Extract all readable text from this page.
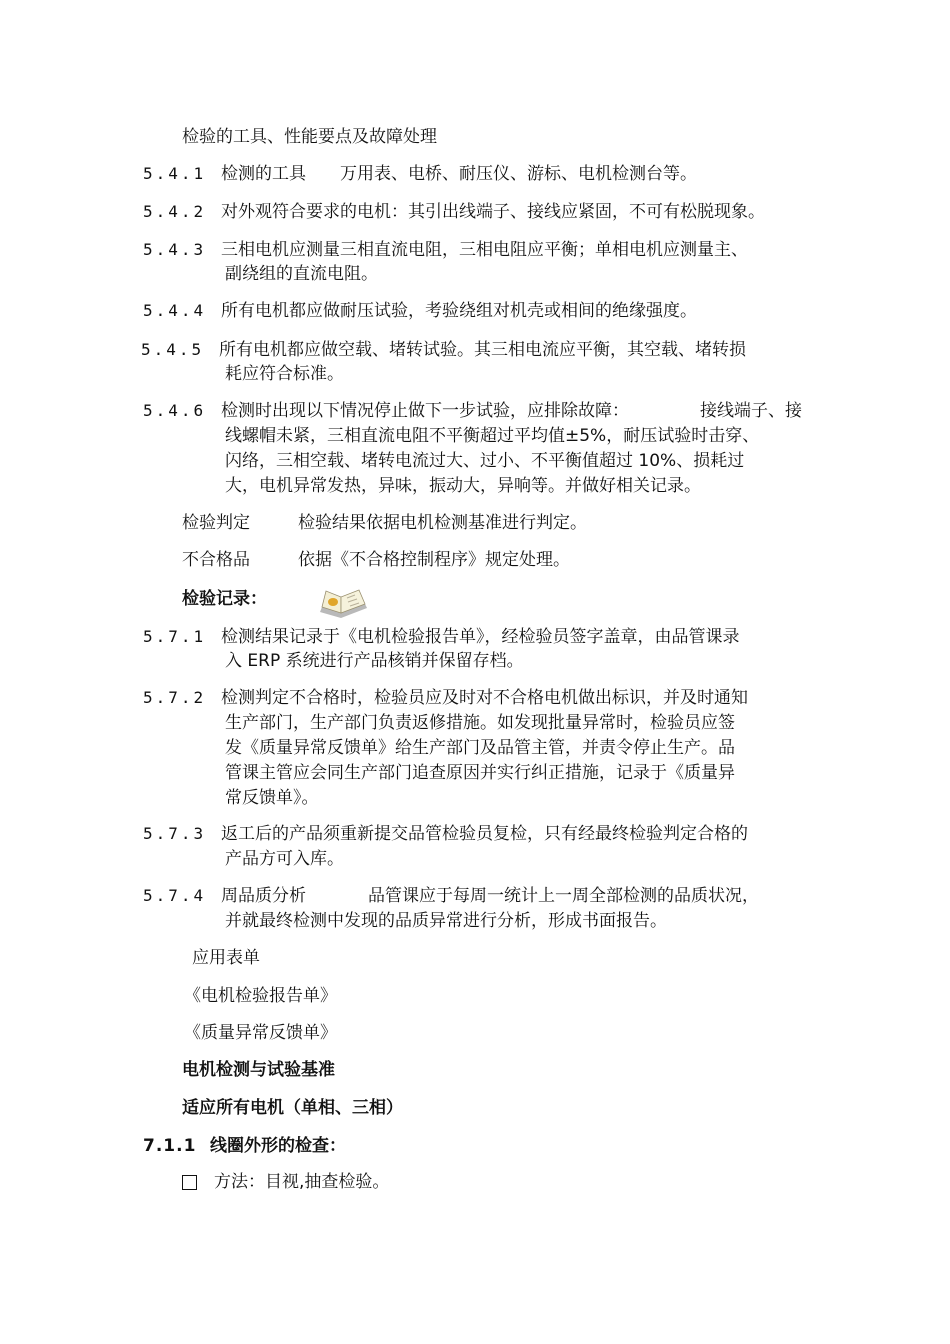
检验的工具、性能要点及故障处理
5.4.1 检测的工具 万用表、电桥、耐压仪、游标、电机检测台等。
5.4.2 对外观符合要求的电机：其引出线端子、接线应紧固，不可有松脱现象。
5.4.3 三相电机应测量三相直流电阻，三相电阻应平衡；单相电机应测量主、
副绕组的直流电阻。
5.4.4 所有电机都应做耐压试验，考验绕组对机壳或相间的绝缘强度。
5.4.5 所有电机都应做空载、堵转试验。其三相电流应平衡，其空载、堵转损
耗应符合标准。
5.4.6 检测时出现以下情况停止做下一步试验，应排除故障：	接线端子、接
线螺帽未紧，三相直流电阻不平衡超过平均值±5%，耐压试验时击穿、
闪络，三相空载、堵转电流过大、过小、不平衡值超过 10%、损耗过
大，电机异常发热，异味，振动大，异响等。并做好相关记录。
检验判定	检验结果依据电机检测基准进行判定。
不合格品	依据《不合格控制程序》规定处理。
检验记录：
5.7.1 检测结果记录于《电机检验报告单》，经检验员签字盖章，由品管课录
入 ERP 系统进行产品核销并保留存档。
5.7.2 检测判定不合格时，检验员应及时对不合格电机做出标识，并及时通知
生产部门，生产部门负责返修措施。如发现批量异常时，检验员应签
发《质量异常反馈单》给生产部门及品管主管，并责令停止生产。品
管课主管应会同生产部门追查原因并实行纠正措施，记录于《质量异
常反馈单》。
5.7.3 返工后的产品须重新提交品管检验员复检，只有经最终检验判定合格的
产品方可入库。
5.7.4 周品质分析	品管课应于每周一统计上一周全部检测的品质状况，
并就最终检测中发现的品质异常进行分析，形成书面报告。
应用表单
《电机检验报告单》
《质量异常反馈单》
电机检测与试验基准
适应所有电机（单相、三相）
7.1.1 线圈外形的检查：
方法：目视,抽查检验。
